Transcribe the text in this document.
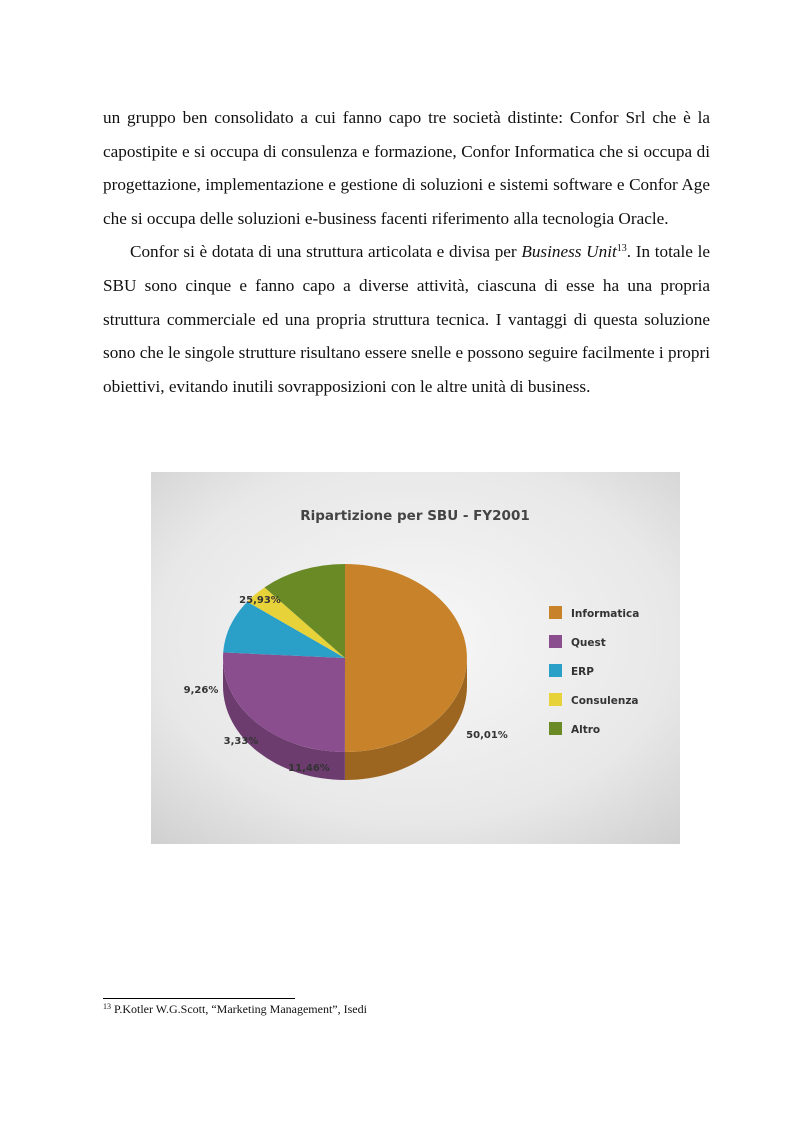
un gruppo ben consolidato a cui fanno capo tre società distinte: Confor Srl che è la capostipite e si occupa di consulenza e formazione, Confor Informatica che si occupa di progettazione, implementazione e gestione di soluzioni e sistemi software e Confor Age che si occupa delle soluzioni e-business facenti riferimento alla tecnologia Oracle.

Confor si è dotata di una struttura articolata e divisa per Business Unit$^{13}$. In totale le SBU sono cinque e fanno capo a diverse attività, ciascuna di esse ha una propria struttura commerciale ed una propria struttura tecnica. I vantaggi di questa soluzione sono che le singole strutture risultano essere snelle e possono seguire facilmente i propri obiettivi, evitando inutili sovrapposizioni con le altre unità di business.

Ripartizione per SBU - FY2001
50,01%
25,93%
9,26%
3,33%
11,46%
Informatica
Quest
ERP
Consulenza
Altro
$^{13}$ P.Kotler W.G.Scott, “Marketing Management”, Isedi
